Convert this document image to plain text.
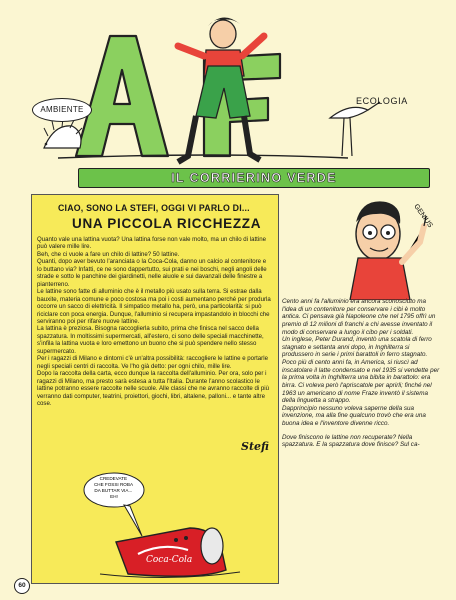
AMBIENTE
ECOLOGIA
IL CORRIERINO VERDE
CIAO, SONO LA STEFI, OGGI VI PARLO DI...
UNA PICCOLA RICCHEZZA

Quanto vale una lattina vuota? Una lattina forse non vale molto, ma un chilo di lattine può valere mille lire.

Beh, che ci vuole a fare un chilo di lattine? 50 lattine.

Quanti, dopo aver bevuto l'aranciata o la Coca-Cola, danno un calcio al contenitore e lo buttano via? Infatti, ce ne sono dappertutto, sui prati e nei boschi, negli angoli delle strade e sotto le panchine dei giardinetti, nelle aiuole e sui davanzali delle finestre a pianterreno.

Le lattine sono fatte di alluminio che è il metallo più usato sulla terra. Si estrae dalla bauxite, materia comune e poco costosa ma poi i costi aumentano perché per produrla occorre un sacco di elettricità. Il simpatico metallo ha, però, una particolarità: si può riciclare con poca energia. Dunque, l'alluminio si recupera impastandolo in blocchi che serviranno poi per rifare nuove lattine.

La lattina è preziosa. Bisogna raccoglierla subito, prima che finisca nel sacco della spazzatura. In moltissimi supermercati, all'estero, ci sono delle speciali macchinette, s'infila la lattina vuota e loro emettono un buono che si può spendere nello stesso supermercato.

Per i ragazzi di Milano e dintorni c'è un'altra possibilità: raccogliere le lattine e portarle negli speciali centri di raccolta. Ve l'ho già detto: per ogni chilo, mille lire.

Dopo la raccolta della carta, ecco dunque la raccolta dell'alluminio. Per ora, solo per i ragazzi di Milano, ma presto sarà estesa a tutta l'Italia. Durante l'anno scolastico le lattine potranno essere raccolte nelle scuole. Alle classi che ne avranno raccolte di più verranno dati computer, teatrini, proiettori, giochi, libri, altalene, palloni... e tante altre cose.

Stefi
CREDEVATE CHE FOSSI ROBA DA BUTTAR VIA... EH!
Coca-Cola
GENIUS

Cento anni fa l'alluminio era ancora sconosciuto ma l'idea di un contenitore per conservare i cibi è molto antica. Ci pensava già Napoleone che nel 1795 offrì un premio di 12 milioni di franchi a chi avesse inventato il modo di conservare a lungo il cibo per i soldati.

Un inglese, Peter Durand, inventò una scatola di ferro stagnato e settanta anni dopo, in Inghilterra si produssero in serie i primi barattoli in ferro stagnato.

Poco più di cento anni fa, in America, si riuscì ad inscatolare il latte condensato e nel 1935 si vendette per la prima volta in Inghilterra una bibita in barattolo: era birra. Ci voleva però l'apriscatole per aprirli; finché nel 1963 un americano di nome Fraze inventò il sistema della linguetta a strappo.

Dapprincipio nessuno voleva saperne della sua invenzione, ma alla fine qualcuno trovò che era una buona idea e l'inventore divenne ricco.

Dove finiscono le lattine non recuperate? Nella spazzatura. E la spazzatura dove finisce? Sul ca-

60
